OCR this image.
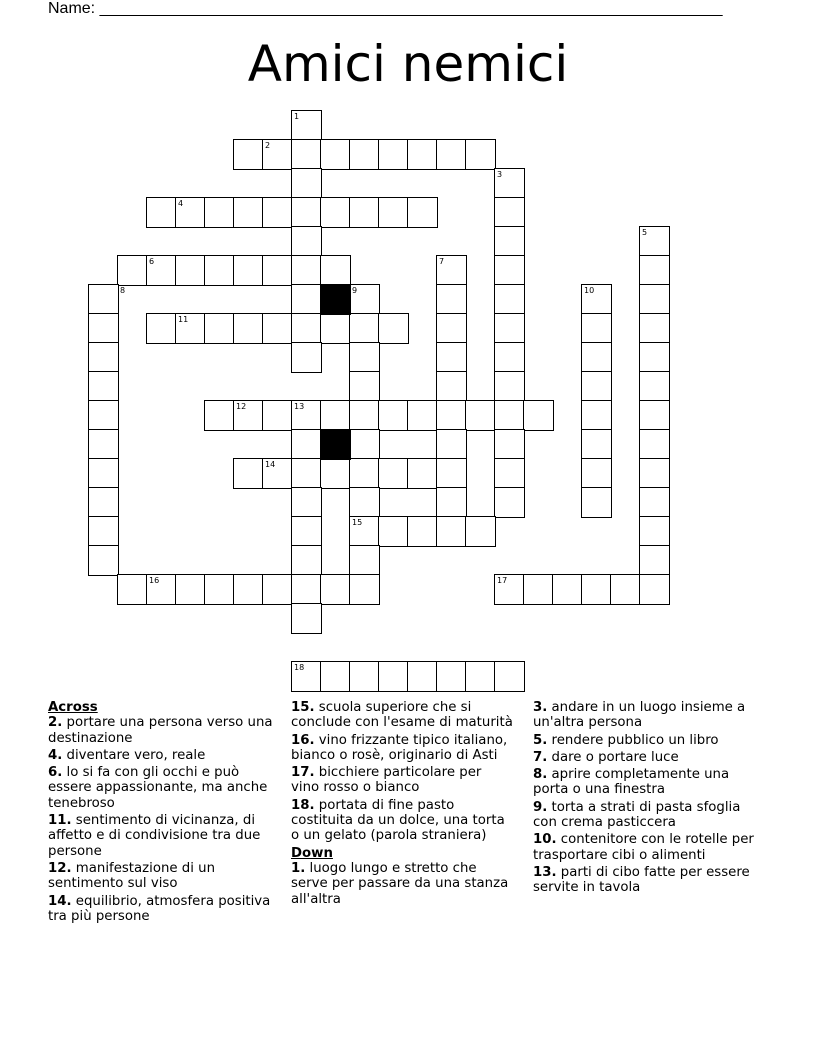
Name: ______________________________________________________________________
Amici nemici
1
2
3
4
5
6	7
8	9	10
11
12	13
14
15
16	17
18
Across
2. portare una persona verso una destinazione
4. diventare vero, reale
6. lo si fa con gli occhi e può essere appassionante, ma anche tenebroso
11. sentimento di vicinanza, di affetto e di condivisione tra due persone
12. manifestazione di un sentimento sul viso
14. equilibrio, atmosfera positiva tra più persone
15. scuola superiore che si conclude con l'esame di maturità
16. vino frizzante tipico italiano, bianco o rosè, originario di Asti
17. bicchiere particolare per vino rosso o bianco
18. portata di fine pasto costituita da un dolce, una torta o un gelato (parola straniera)
Down
1. luogo lungo e stretto che serve per passare da una stanza all'altra
3. andare in un luogo insieme a un'altra persona
5. rendere pubblico un libro
7. dare o portare luce
8. aprire completamente una porta o una finestra
9. torta a strati di pasta sfoglia con crema pasticcera
10. contenitore con le rotelle per trasportare cibi o alimenti
13. parti di cibo fatte per essere servite in tavola
